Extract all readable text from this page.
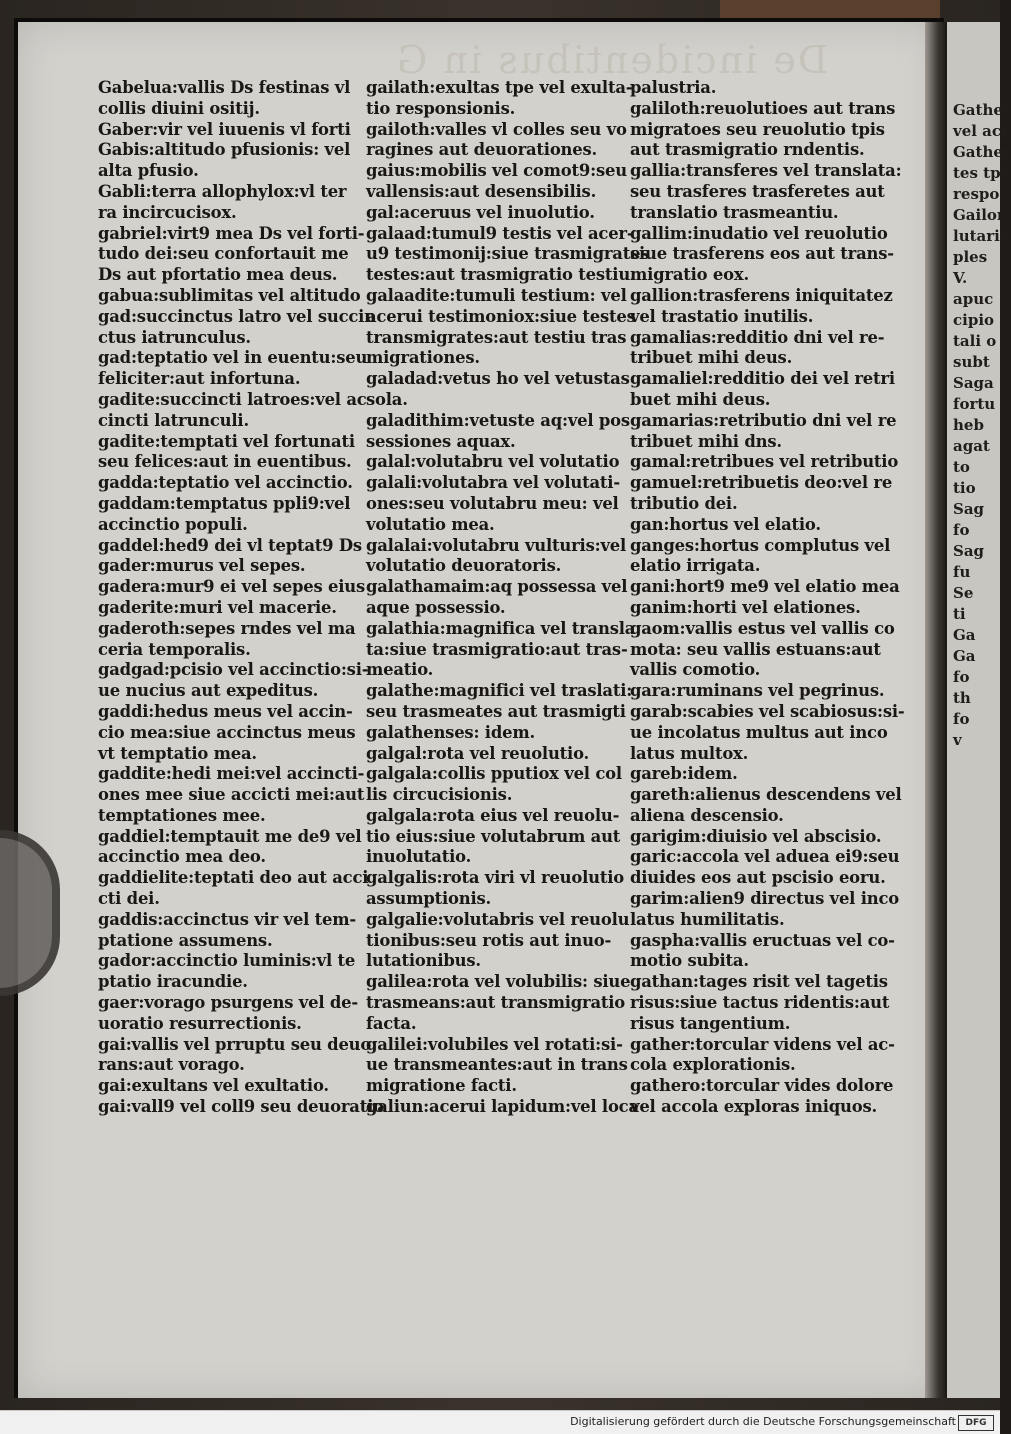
De incidentibus in G
Gather
vel acc
Gather
tes tpe
respo
Gailon
lutario
ples
V.
apuc
cipio
tali o
subt
Saga
fortu
heb
agat
to
tio
Sag
fo
Sag
fu
Se
ti
Ga
Ga
fo
th
fo
v
Gabelua:vallis Ds festinas vl
collis diuini ositij.
Gaber:vir vel iuuenis vl forti
Gabis:altitudo pfusionis: vel
alta pfusio.
Gabli:terra allophylox:vl ter
ra incircucisox.
gabriel:virt9 mea Ds vel forti-
tudo dei:seu confortauit me
Ds aut pfortatio mea deus.
gabua:sublimitas vel altitudo
gad:succinctus latro vel succin
ctus iatrunculus.
gad:teptatio vel in euentu:seu
feliciter:aut infortuna.
gadite:succincti latroes:vel ac
cincti latrunculi.
gadite:temptati vel fortunati
seu felices:aut in euentibus.
gadda:teptatio vel accinctio.
gaddam:temptatus ppli9:vel
accinctio populi.
gaddel:hed9 dei vl teptat9 Ds
gader:murus vel sepes.
gadera:mur9 ei vel sepes eius
gaderite:muri vel macerie.
gaderoth:sepes rndes vel ma
ceria temporalis.
gadgad:pcisio vel accinctio:si-
ue nucius aut expeditus.
gaddi:hedus meus vel accin-
cio mea:siue accinctus meus
vt temptatio mea.
gaddite:hedi mei:vel accincti-
ones mee siue accicti mei:aut
temptationes mee.
gaddiel:temptauit me de9 vel
accinctio mea deo.
gaddielite:teptati deo aut acci
cti dei.
gaddis:accinctus vir vel tem-
ptatione assumens.
gador:accinctio luminis:vl te
ptatio iracundie.
gaer:vorago psurgens vel de-
uoratio resurrectionis.
gai:vallis vel prruptu seu deuo
rans:aut vorago.
gai:exultans vel exultatio.
gai:vall9 vel coll9 seu deuoratio
gailath:exultas tpe vel exulta-
tio responsionis.
gailoth:valles vl colles seu vo
ragines aut deuorationes.
gaius:mobilis vel comot9:seu
vallensis:aut desensibilis.
gal:aceruus vel inuolutio.
galaad:tumul9 testis vel acer-
u9 testimonij:siue trasmigrates
testes:aut trasmigratio testiu.
galaadite:tumuli testium: vel
acerui testimoniox:siue testes
transmigrates:aut testiu tras
migrationes.
galadad:vetus ho vel vetustas
sola.
galadithim:vetuste aq:vel pos
sessiones aquax.
galal:volutabru vel volutatio
galali:volutabra vel volutati-
ones:seu volutabru meu: vel
volutatio mea.
galalai:volutabru vulturis:vel
volutatio deuoratoris.
galathamaim:aq possessa vel
aque possessio.
galathia:magnifica vel transla
ta:siue trasmigratio:aut tras-
meatio.
galathe:magnifici vel traslati:
seu trasmeates aut trasmigti
galathenses: idem.
galgal:rota vel reuolutio.
galgala:collis pputiox vel col
lis circucisionis.
galgala:rota eius vel reuolu-
tio eius:siue volutabrum aut
inuolutatio.
galgalis:rota viri vl reuolutio
assumptionis.
galgalie:volutabris vel reuolu
tionibus:seu rotis aut inuo-
lutationibus.
galilea:rota vel volubilis: siue
trasmeans:aut transmigratio
facta.
galilei:volubiles vel rotati:si-
ue transmeantes:aut in trans
migratione facti.
galiun:acerui lapidum:vel loca
palustria.
galiloth:reuolutioes aut trans
migratoes seu reuolutio tpis
aut trasmigratio rndentis.
gallia:transferes vel translata:
seu trasferes trasferetes aut
translatio trasmeantiu.
gallim:inudatio vel reuolutio
siue trasferens eos aut trans-
migratio eox.
gallion:trasferens iniquitatez
vel trastatio inutilis.
gamalias:redditio dni vel re-
tribuet mihi deus.
gamaliel:redditio dei vel retri
buet mihi deus.
gamarias:retributio dni vel re
tribuet mihi dns.
gamal:retribues vel retributio
gamuel:retribuetis deo:vel re
tributio dei.
gan:hortus vel elatio.
ganges:hortus complutus vel
elatio irrigata.
gani:hort9 me9 vel elatio mea
ganim:horti vel elationes.
gaom:vallis estus vel vallis co
mota: seu vallis estuans:aut
vallis comotio.
gara:ruminans vel pegrinus.
garab:scabies vel scabiosus:si-
ue incolatus multus aut inco
latus multox.
gareb:idem.
gareth:alienus descendens vel
aliena descensio.
garigim:diuisio vel abscisio.
garic:accola vel aduea ei9:seu
diuides eos aut pscisio eoru.
garim:alien9 directus vel inco
latus humilitatis.
gaspha:vallis eructuas vel co-
motio subita.
gathan:tages risit vel tagetis
risus:siue tactus ridentis:aut
risus tangentium.
gather:torcular videns vel ac-
cola explorationis.
gathero:torcular vides dolore
vel accola exploras iniquos.
Digitalisierung gefördert durch die Deutsche Forschungsgemeinschaft	DFG
